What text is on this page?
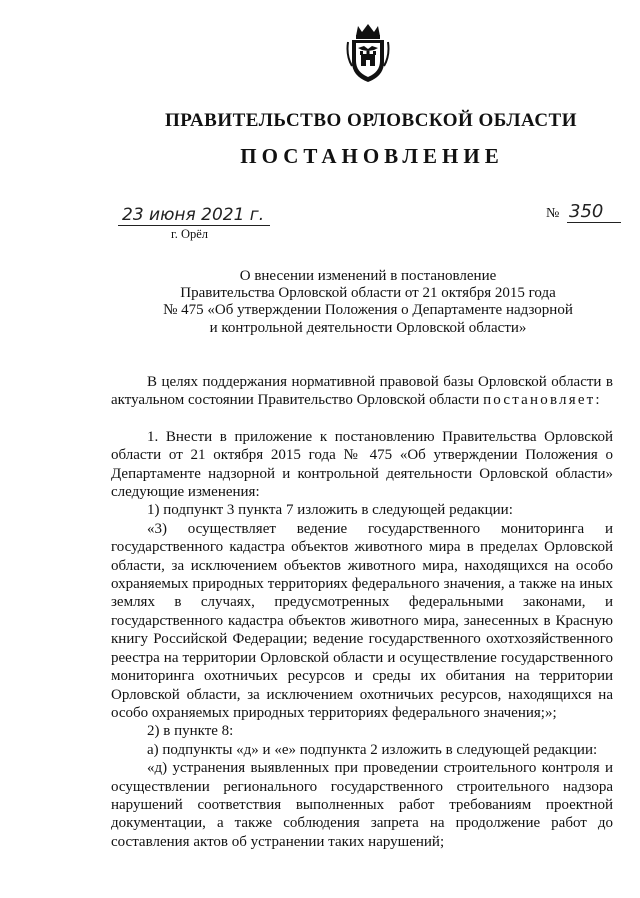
ПРАВИТЕЛЬСТВО ОРЛОВСКОЙ ОБЛАСТИ
ПОСТАНОВЛЕНИЕ
23 июня 2021 г.
г. Орёл
№ 350
О внесении изменений в постановление
Правительства Орловской области от 21 октября 2015 года
№ 475 «Об утверждении Положения о Департаменте надзорной
и контрольной деятельности Орловской области»

В целях поддержания нормативной правовой базы Орловской области в актуальном состоянии Правительство Орловской области постановляет:

1. Внести в приложение к постановлению Правительства Орловской области от 21 октября 2015 года № 475 «Об утверждении Положения о Департаменте надзорной и контрольной деятельности Орловской области» следующие изменения:

1) подпункт 3 пункта 7 изложить в следующей редакции:

«3) осуществляет ведение государственного мониторинга и государственного кадастра объектов животного мира в пределах Орловской области, за исключением объектов животного мира, находящихся на особо охраняемых природных территориях федерального значения, а также на иных землях в случаях, предусмотренных федеральными законами, и государственного кадастра объектов животного мира, занесенных в Красную книгу Российской Федерации; ведение государственного охотхозяйственного реестра на территории Орловской области и осуществление государственного мониторинга охотничьих ресурсов и среды их обитания на территории Орловской области, за исключением охотничьих ресурсов, находящихся на особо охраняемых природных территориях федерального значения;»;

2) в пункте 8:

а) подпункты «д» и «е» подпункта 2 изложить в следующей редакции:

«д) устранения выявленных при проведении строительного контроля и осуществлении регионального государственного строительного надзора нарушений соответствия выполненных работ требованиям проектной документации, а также соблюдения запрета на продолжение работ до составления актов об устранении таких нарушений;
